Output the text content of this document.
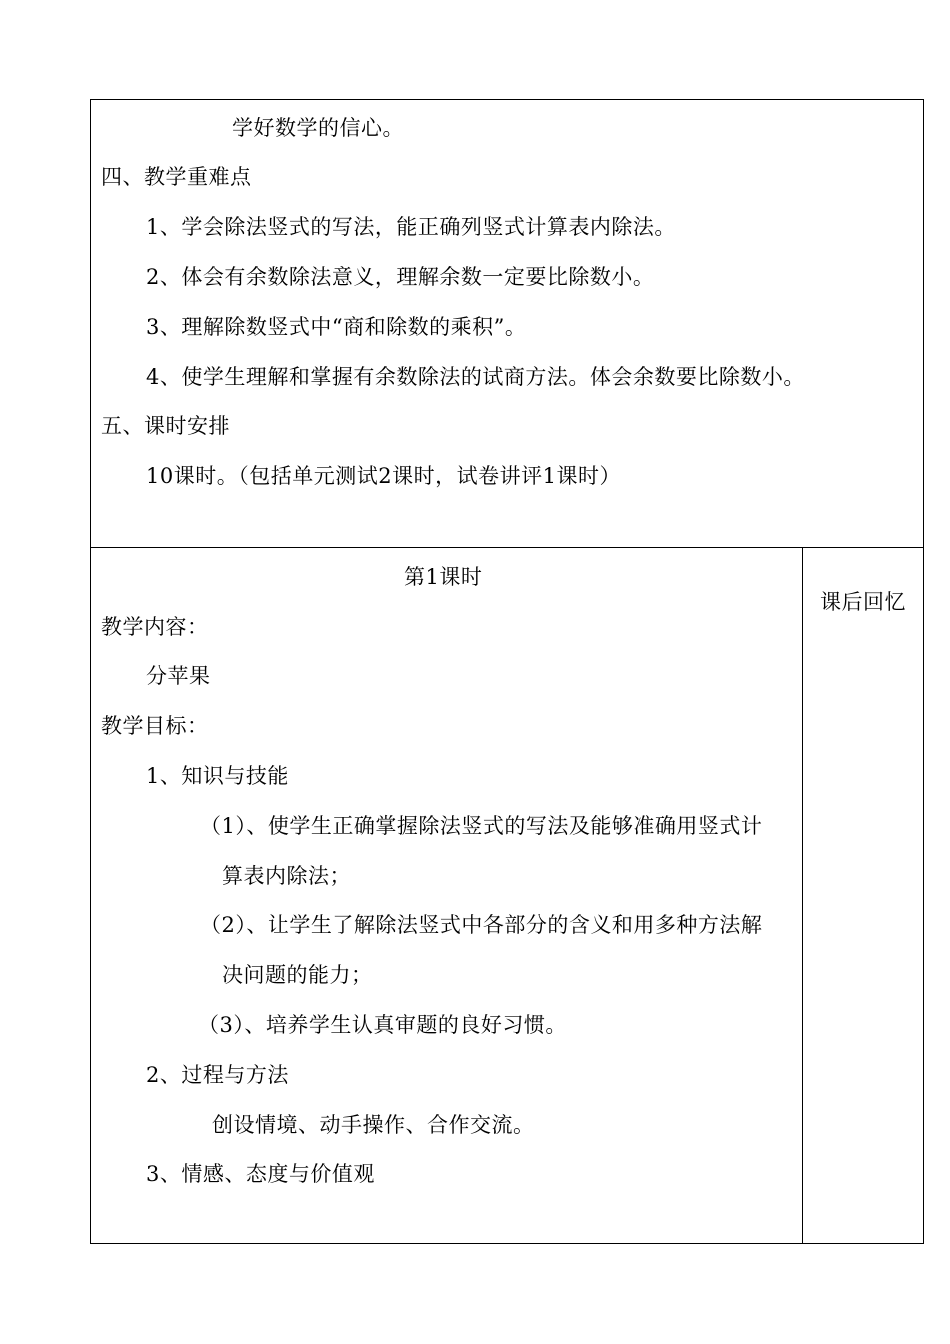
学好数学的信心。
四、教学重难点
1、学会除法竖式的写法，能正确列竖式计算表内除法。
2、体会有余数除法意义，理解余数一定要比除数小。
3、理解除数竖式中“商和除数的乘积”。
4、使学生理解和掌握有余数除法的试商方法。体会余数要比除数小。
五、课时安排
10课时。（包括单元测试2课时，试卷讲评1课时）
第1课时
课后回忆
教学内容：
分苹果
教学目标：
1、知识与技能
（1）、使学生正确掌握除法竖式的写法及能够准确用竖式计
算表内除法；
（2）、让学生了解除法竖式中各部分的含义和用多种方法解
决问题的能力；
（3）、培养学生认真审题的良好习惯。
2、过程与方法
创设情境、动手操作、合作交流。
3、情感、态度与价值观
